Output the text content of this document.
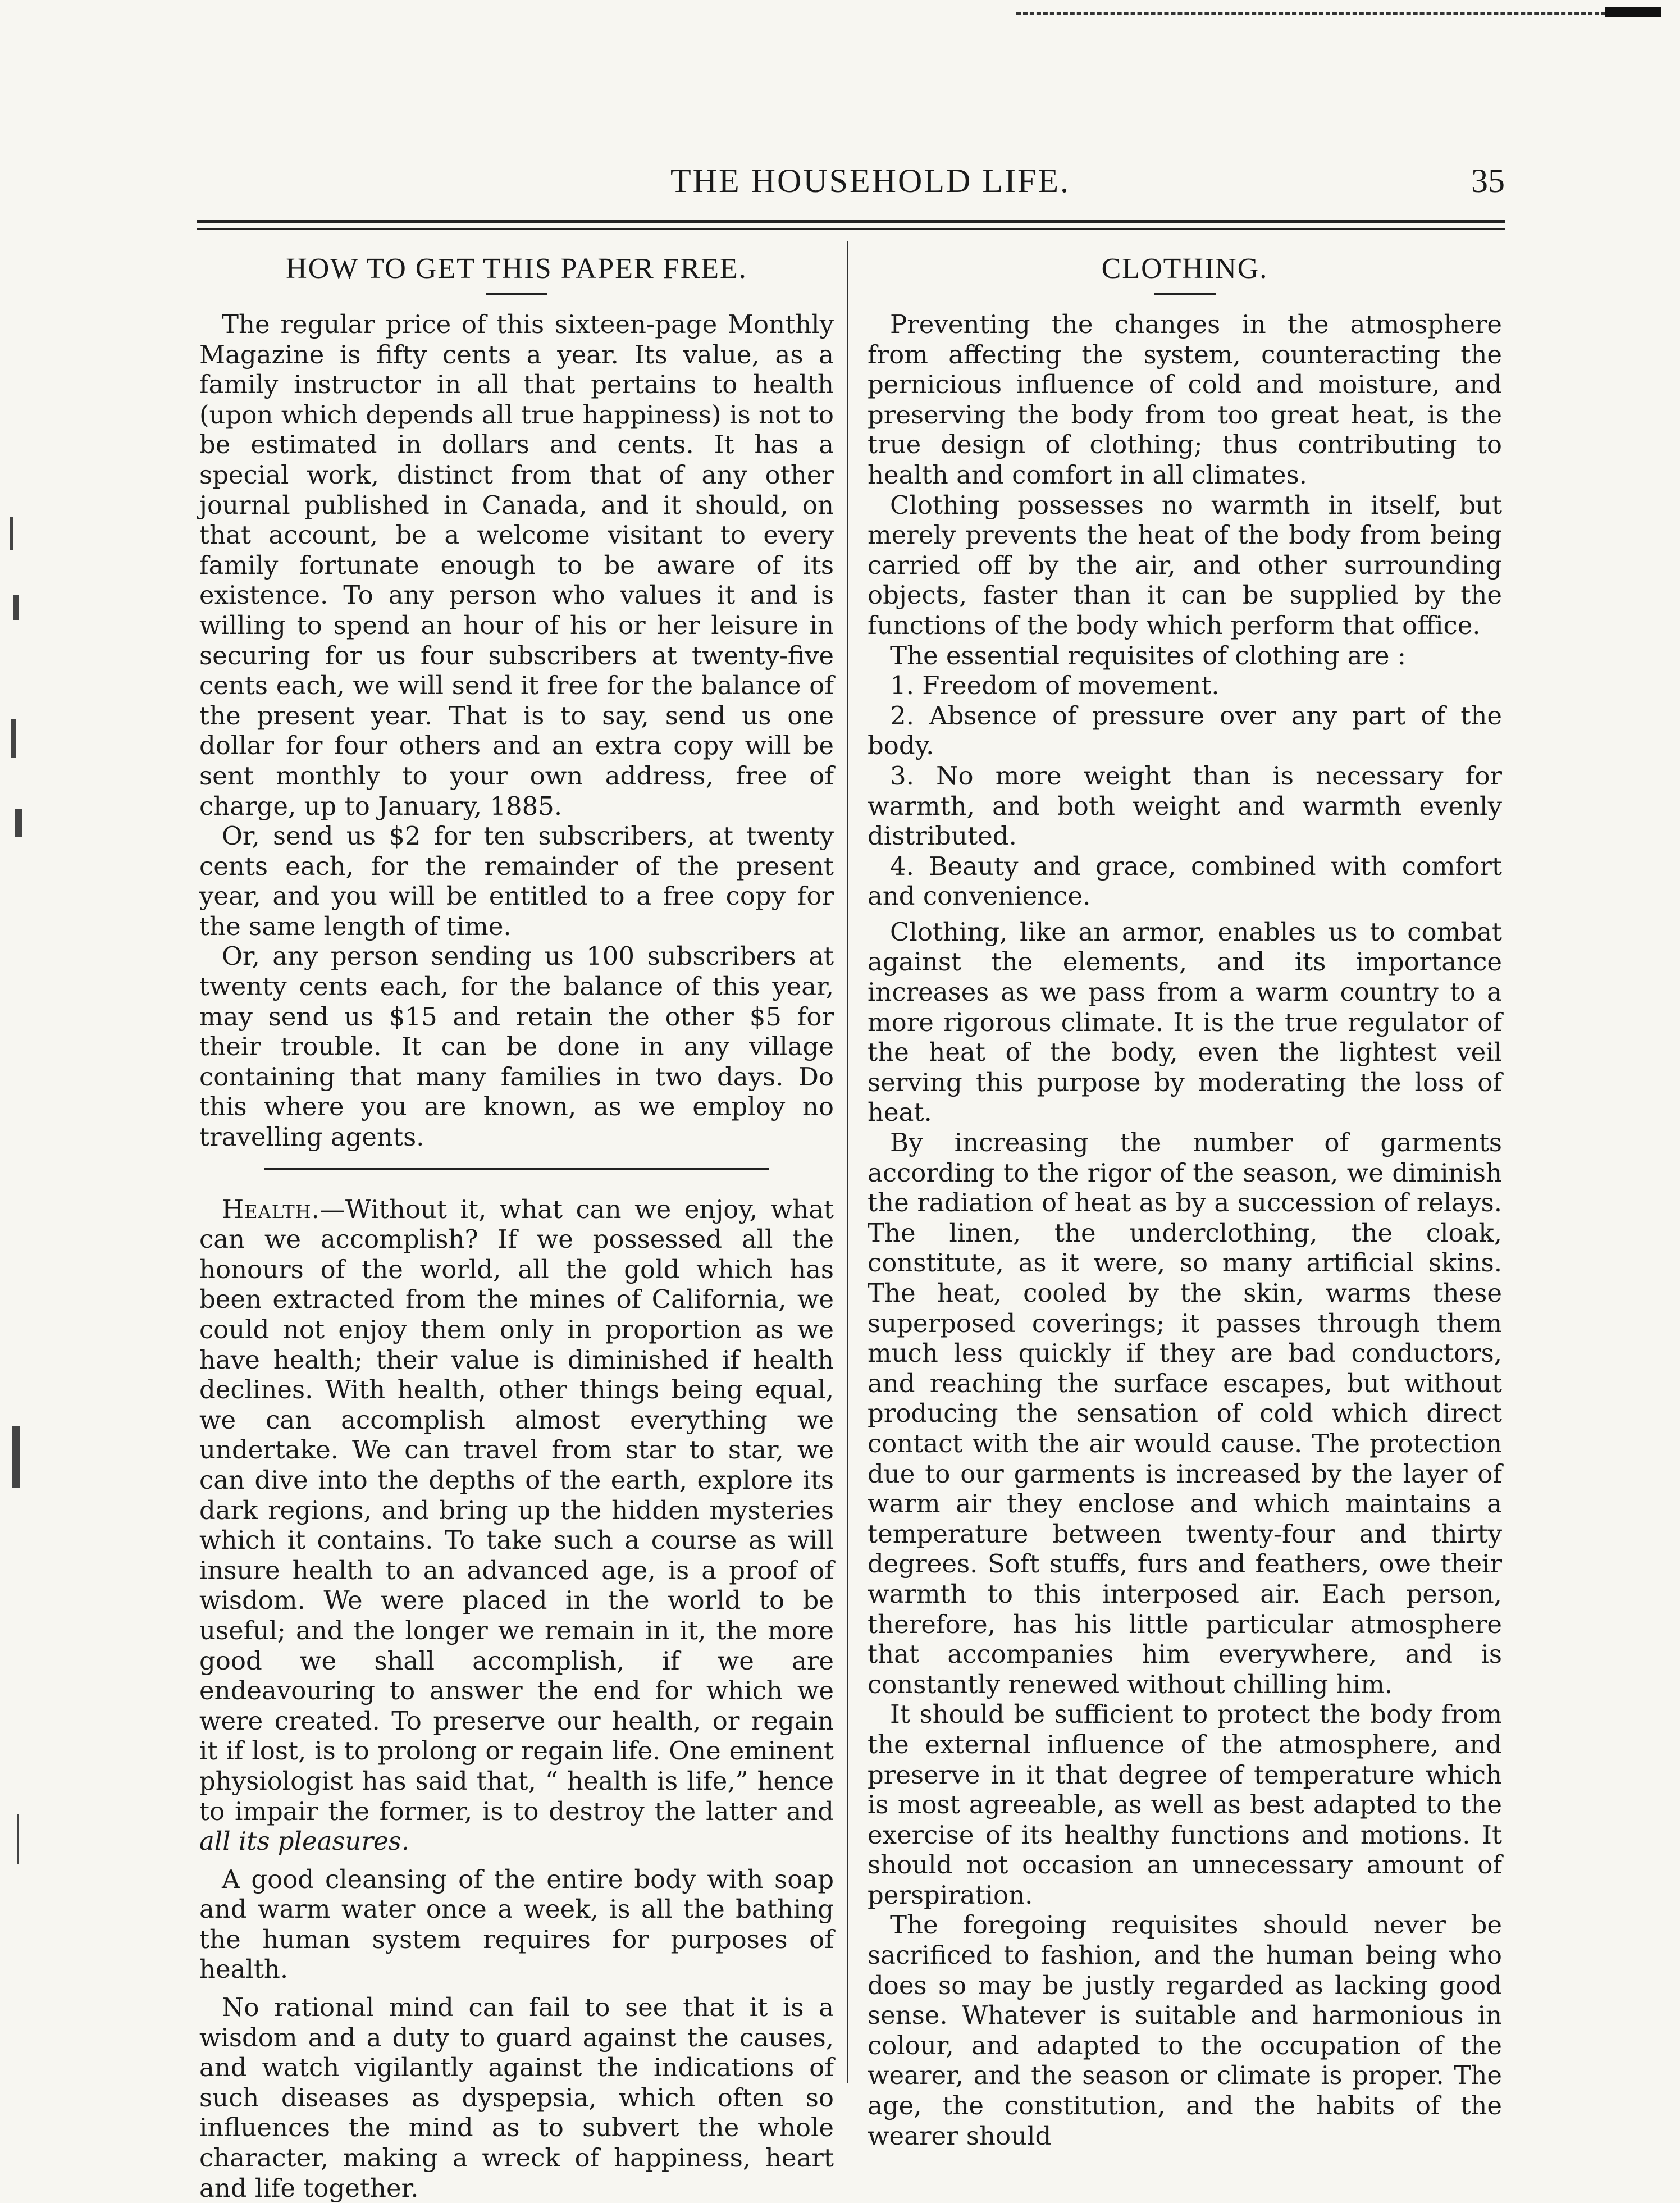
THE HOUSEHOLD LIFE.	35
HOW TO GET THIS PAPER FREE.

The regular price of this sixteen-page Monthly Magazine is fifty cents a year. Its value, as a family instructor in all that pertains to health (upon which depends all true happiness) is not to be estimated in dollars and cents. It has a special work, distinct from that of any other journal published in Canada, and it should, on that account, be a welcome visitant to every family fortunate enough to be aware of its existence. To any person who values it and is willing to spend an hour of his or her leisure in securing for us four subscribers at twenty-five cents each, we will send it free for the balance of the present year. That is to say, send us one dollar for four others and an extra copy will be sent monthly to your own address, free of charge, up to January, 1885.

Or, send us $2 for ten subscribers, at twenty cents each, for the remainder of the present year, and you will be entitled to a free copy for the same length of time.

Or, any person sending us 100 subscribers at twenty cents each, for the balance of this year, may send us $15 and retain the other $5 for their trouble. It can be done in any village containing that many families in two days. Do this where you are known, as we employ no travelling agents.

Health.—Without it, what can we enjoy, what can we accomplish? If we possessed all the honours of the world, all the gold which has been extracted from the mines of California, we could not enjoy them only in proportion as we have health; their value is diminished if health declines. With health, other things being equal, we can accomplish almost everything we undertake. We can travel from star to star, we can dive into the depths of the earth, explore its dark regions, and bring up the hidden mysteries which it contains. To take such a course as will insure health to an advanced age, is a proof of wisdom. We were placed in the world to be useful; and the longer we remain in it, the more good we shall accomplish, if we are endeavouring to answer the end for which we were created. To preserve our health, or regain it if lost, is to prolong or regain life. One eminent physiologist has said that, “ health is life,” hence to impair the former, is to destroy the latter and all its pleasures.

A good cleansing of the entire body with soap and warm water once a week, is all the bathing the human system requires for purposes of health.

No rational mind can fail to see that it is a wisdom and a duty to guard against the causes, and watch vigilantly against the indications of such diseases as dyspepsia, which often so influences the mind as to subvert the whole character, making a wreck of happiness, heart and life together.

CLOTHING.

Preventing the changes in the atmosphere from affecting the system, counteracting the pernicious influence of cold and moisture, and preserving the body from too great heat, is the true design of clothing; thus contributing to health and comfort in all climates.

Clothing possesses no warmth in itself, but merely prevents the heat of the body from being carried off by the air, and other surrounding objects, faster than it can be supplied by the functions of the body which perform that office.

The essential requisites of clothing are :

1. Freedom of movement.

2. Absence of pressure over any part of the body.

3. No more weight than is necessary for warmth, and both weight and warmth evenly distributed.

4. Beauty and grace, combined with comfort and convenience.

Clothing, like an armor, enables us to combat against the elements, and its importance increases as we pass from a warm country to a more rigorous climate. It is the true regulator of the heat of the body, even the lightest veil serving this purpose by moderating the loss of heat.

By increasing the number of garments according to the rigor of the season, we diminish the radiation of heat as by a succession of relays. The linen, the underclothing, the cloak, constitute, as it were, so many artificial skins. The heat, cooled by the skin, warms these superposed coverings; it passes through them much less quickly if they are bad conductors, and reaching the surface escapes, but without producing the sensation of cold which direct contact with the air would cause. The protection due to our garments is increased by the layer of warm air they enclose and which maintains a temperature between twenty-four and thirty degrees. Soft stuffs, furs and feathers, owe their warmth to this interposed air. Each person, therefore, has his little particular atmosphere that accompanies him everywhere, and is constantly renewed without chilling him.

It should be sufficient to protect the body from the external influence of the atmosphere, and preserve in it that degree of temperature which is most agreeable, as well as best adapted to the exercise of its healthy functions and motions. It should not occasion an unnecessary amount of perspiration.

The foregoing requisites should never be sacrificed to fashion, and the human being who does so may be justly regarded as lacking good sense. Whatever is suitable and harmonious in colour, and adapted to the occupation of the wearer, and the season or climate is proper. The age, the constitution, and the habits of the wearer should
